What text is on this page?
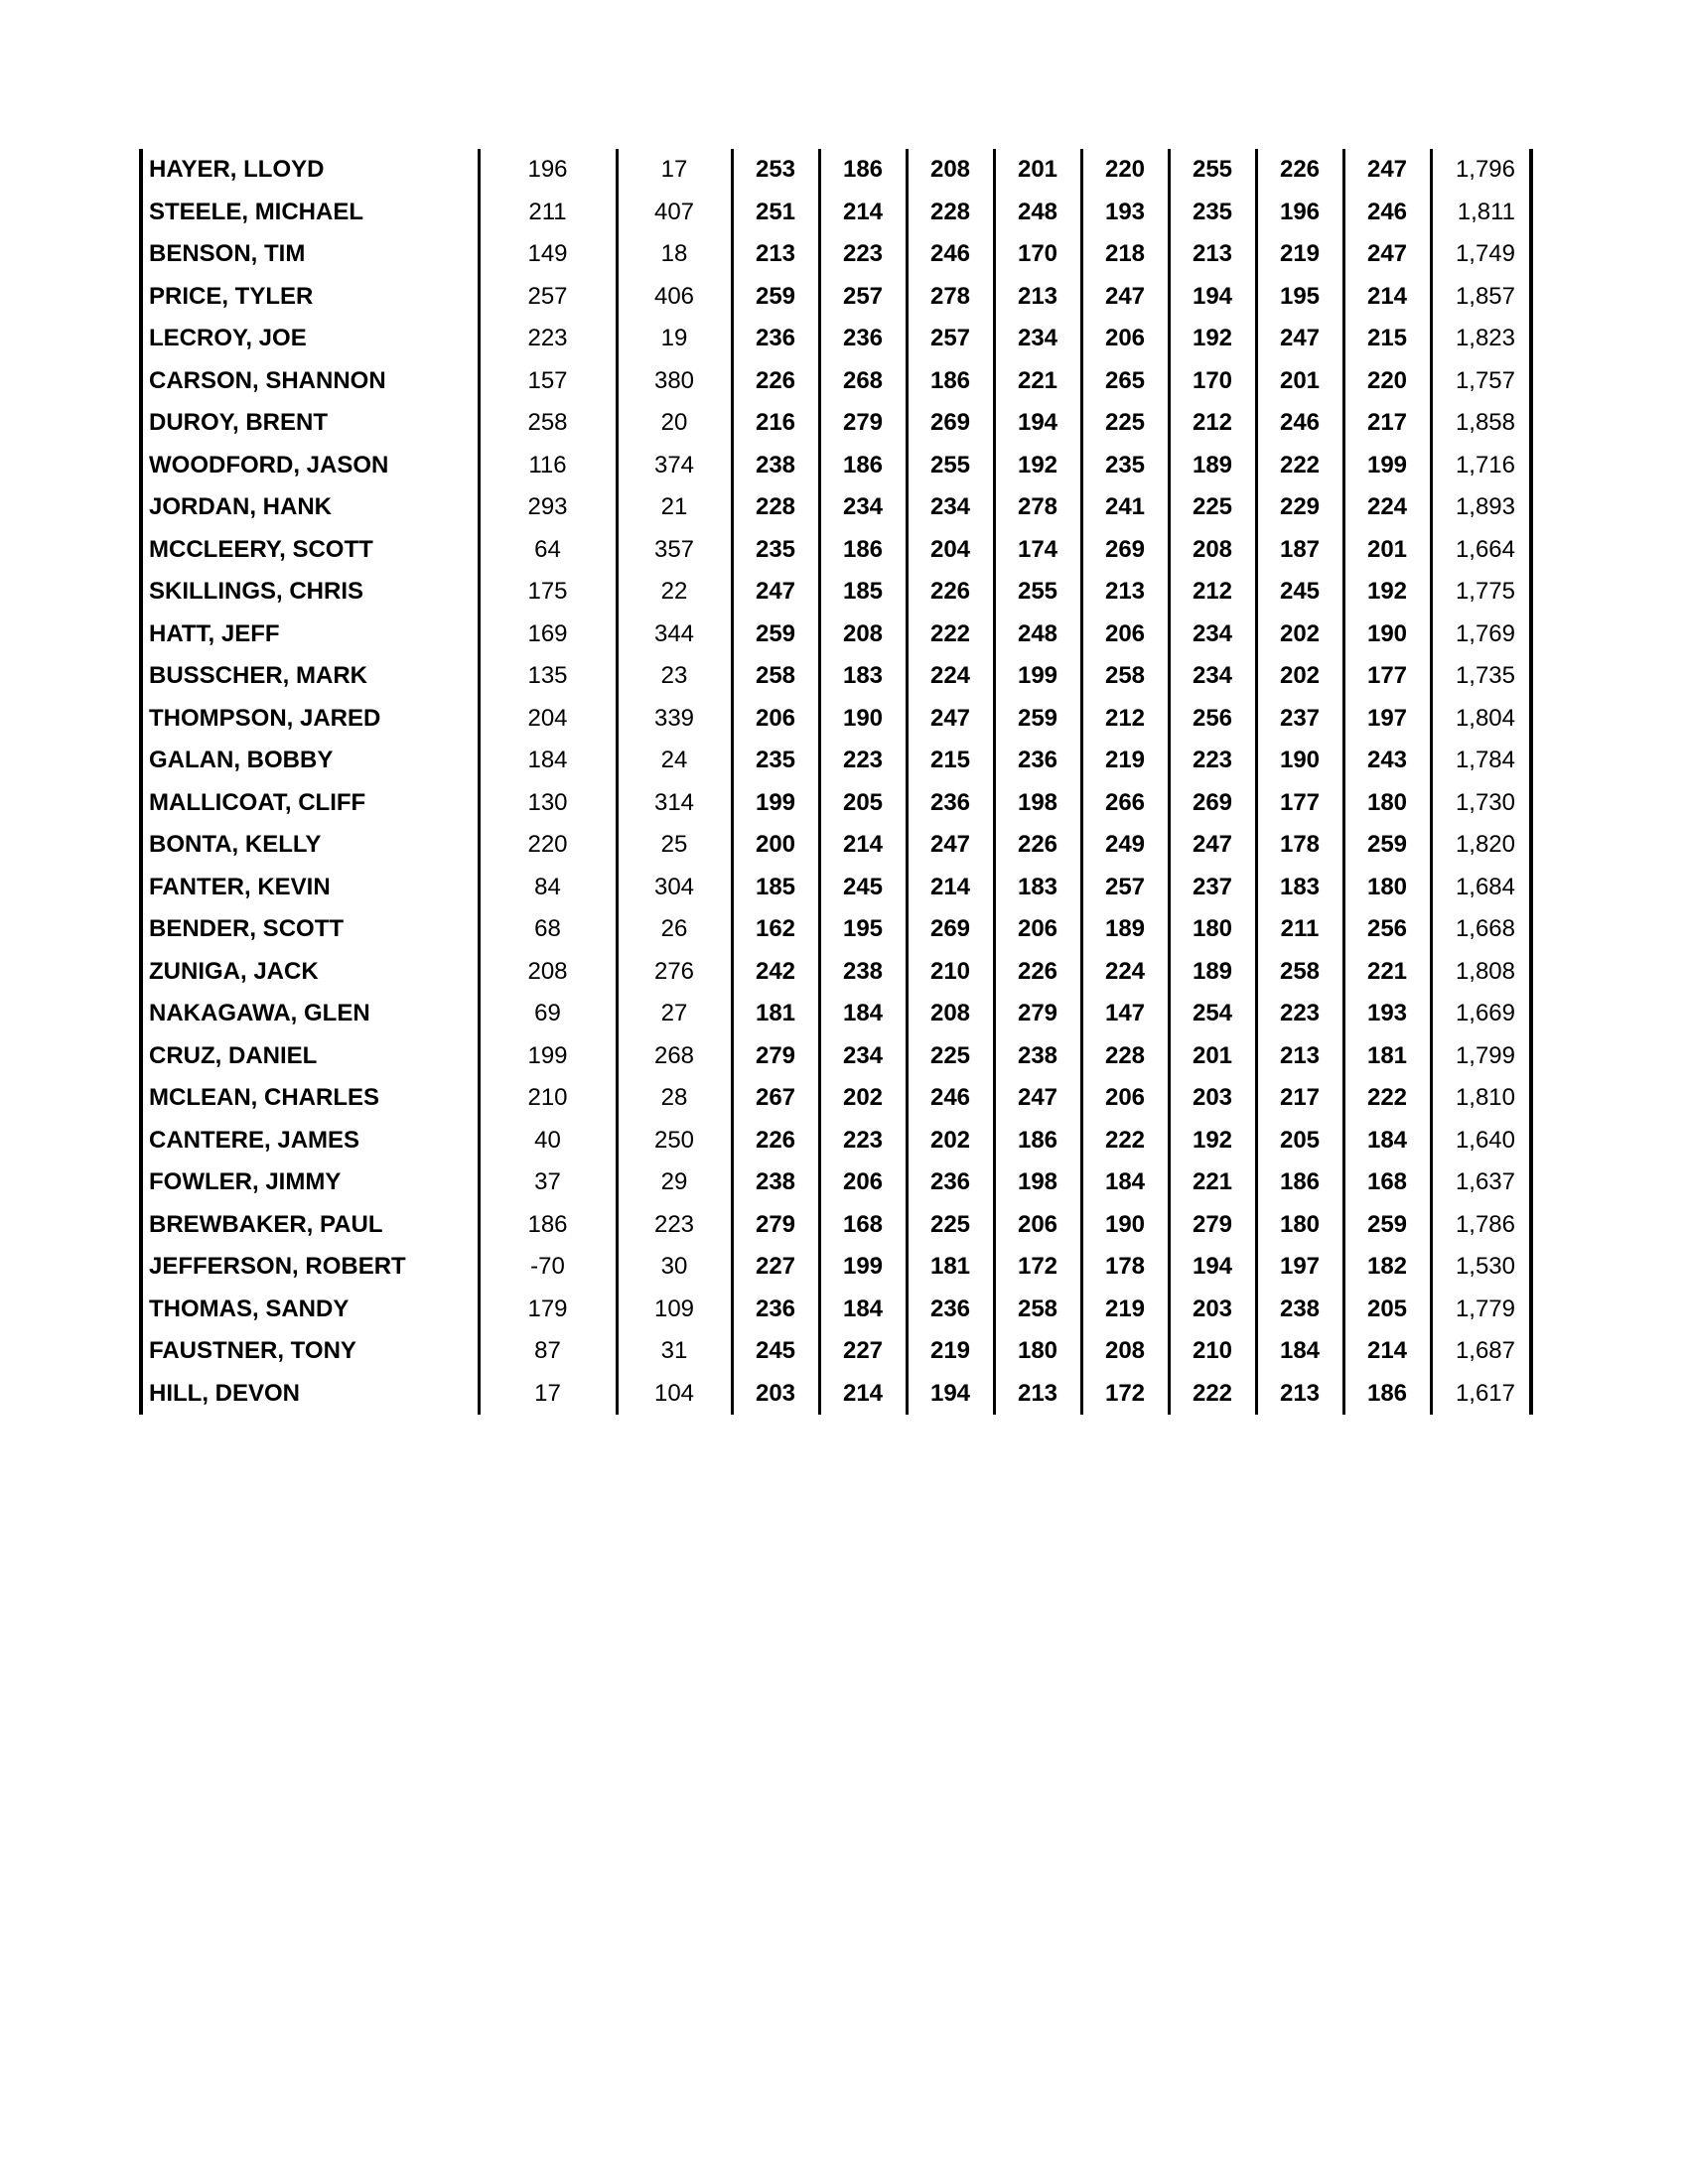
HAYER, LLOYD	196	17	253	186	208	201	220	255	226	247	1,796
STEELE, MICHAEL	211	407	251	214	228	248	193	235	196	246	1,811
BENSON, TIM	149	18	213	223	246	170	218	213	219	247	1,749
PRICE, TYLER	257	406	259	257	278	213	247	194	195	214	1,857
LECROY, JOE	223	19	236	236	257	234	206	192	247	215	1,823
CARSON, SHANNON	157	380	226	268	186	221	265	170	201	220	1,757
DUROY, BRENT	258	20	216	279	269	194	225	212	246	217	1,858
WOODFORD, JASON	116	374	238	186	255	192	235	189	222	199	1,716
JORDAN, HANK	293	21	228	234	234	278	241	225	229	224	1,893
MCCLEERY, SCOTT	64	357	235	186	204	174	269	208	187	201	1,664
SKILLINGS, CHRIS	175	22	247	185	226	255	213	212	245	192	1,775
HATT, JEFF	169	344	259	208	222	248	206	234	202	190	1,769
BUSSCHER, MARK	135	23	258	183	224	199	258	234	202	177	1,735
THOMPSON, JARED	204	339	206	190	247	259	212	256	237	197	1,804
GALAN, BOBBY	184	24	235	223	215	236	219	223	190	243	1,784
MALLICOAT, CLIFF	130	314	199	205	236	198	266	269	177	180	1,730
BONTA, KELLY	220	25	200	214	247	226	249	247	178	259	1,820
FANTER, KEVIN	84	304	185	245	214	183	257	237	183	180	1,684
BENDER, SCOTT	68	26	162	195	269	206	189	180	211	256	1,668
ZUNIGA, JACK	208	276	242	238	210	226	224	189	258	221	1,808
NAKAGAWA, GLEN	69	27	181	184	208	279	147	254	223	193	1,669
CRUZ, DANIEL	199	268	279	234	225	238	228	201	213	181	1,799
MCLEAN, CHARLES	210	28	267	202	246	247	206	203	217	222	1,810
CANTERE, JAMES	40	250	226	223	202	186	222	192	205	184	1,640
FOWLER, JIMMY	37	29	238	206	236	198	184	221	186	168	1,637
BREWBAKER, PAUL	186	223	279	168	225	206	190	279	180	259	1,786
JEFFERSON, ROBERT	-70	30	227	199	181	172	178	194	197	182	1,530
THOMAS, SANDY	179	109	236	184	236	258	219	203	238	205	1,779
FAUSTNER, TONY	87	31	245	227	219	180	208	210	184	214	1,687
HILL, DEVON	17	104	203	214	194	213	172	222	213	186	1,617
